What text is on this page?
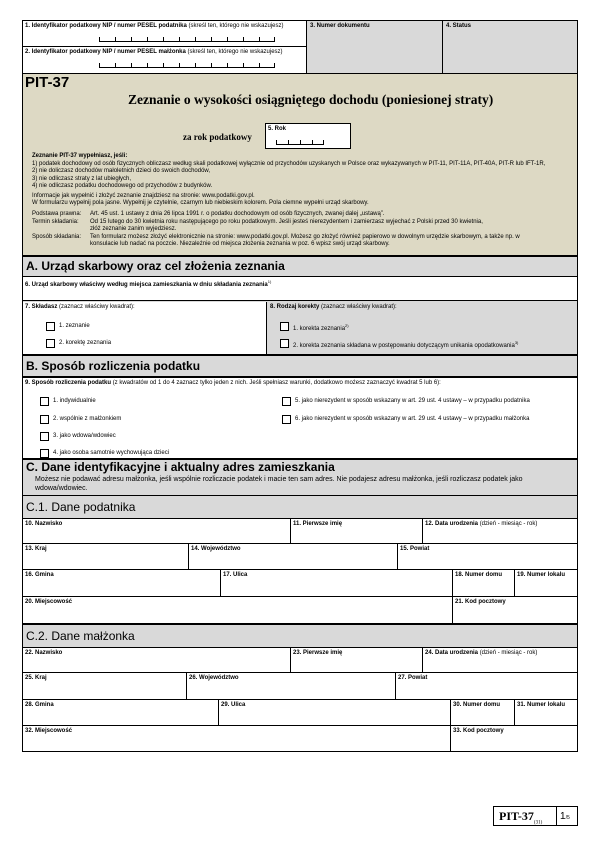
1. Identyfikator podatkowy NIP / numer PESEL podatnika (skreśl ten, którego nie wskazujesz)
2. Identyfikator podatkowy NIP / numer PESEL małżonka (skreśl ten, którego nie wskazujesz)
3. Numer dokumentu	4. Status
PIT-37
Zeznanie o wysokości osiągniętego dochodu (poniesionej straty)
za rok podatkowy
5. Rok
Zeznanie PIT-37 wypełniasz, jeśli:
1) podatek dochodowy od osób fizycznych obliczasz według skali podatkowej wyłącznie od przychodów uzyskanych w Polsce oraz wykazywanych w PIT-11, PIT-11A, PIT-40A, PIT-R lub IFT-1R,
2) nie doliczasz dochodów małoletnich dzieci do swoich dochodów,
3) nie odliczasz straty z lat ubiegłych,
4) nie odliczasz podatku dochodowego od przychodów z budynków.
Informacje jak wypełnić i złożyć zeznanie znajdziesz na stronie: www.podatki.gov.pl.
W formularzu wypełnij pola jasne. Wypełnij je czytelnie, czarnym lub niebieskim kolorem. Pola ciemne wypełni urząd skarbowy.
Podstawa prawna:	Art. 45 ust. 1 ustawy z dnia 26 lipca 1991 r. o podatku dochodowym od osób fizycznych, zwanej dalej „ustawą”.
Termin składania:	Od 15 lutego do 30 kwietnia roku następującego po roku podatkowym. Jeśli jesteś nierezydentem i zamierzasz wyjechać z Polski przed 30 kwietnia, złóż zeznanie zanim wyjedziesz.
Sposób składania:	Ten formularz możesz złożyć elektronicznie na stronie: www.podatki.gov.pl. Możesz go złożyć również papierowo w dowolnym urzędzie skarbowym, a także np. w konsulacie lub nadać na poczcie. Niezależnie od miejsca złożenia zeznania w poz. 6 wpisz swój urząd skarbowy.
A. Urząd skarbowy oraz cel złożenia zeznania
6. Urząd skarbowy właściwy według miejsca zamieszkania w dniu składania zeznania$^{1)}$
7. Składasz (zaznacz właściwy kwadrat):
1. zeznanie
2. korektę zeznania
8. Rodzaj korekty (zaznacz właściwy kwadrat):
1. korekta zeznania$^{2)}$
2. korekta zeznania składana w postępowaniu dotyczącym unikania opodatkowania$^{3)}$
B. Sposób rozliczenia podatku
9. Sposób rozliczenia podatku (z kwadratów od 1 do 4 zaznacz tylko jeden z nich. Jeśli spełniasz warunki, dodatkowo możesz zaznaczyć kwadrat 5 lub 6):
1. indywidualnie
2. wspólnie z małżonkiem
3. jako wdowa/wdowiec
4. jako osoba samotnie wychowująca dzieci
5. jako nierezydent w sposób wskazany w art. 29 ust. 4 ustawy – w przypadku podatnika
6. jako nierezydent w sposób wskazany w art. 29 ust. 4 ustawy – w przypadku małżonka
C. Dane identyfikacyjne i aktualny adres zamieszkania
Możesz nie podawać adresu małżonka, jeśli wspólnie rozliczacie podatek i macie ten sam adres. Nie podajesz adresu małżonka, jeśli rozliczasz podatek jako wdowa/wdowiec.
C.1. Dane podatnika
10. Nazwisko	11. Pierwsze imię	12. Data urodzenia (dzień - miesiąc - rok)
13. Kraj	14. Województwo	15. Powiat
16. Gmina	17. Ulica	18. Numer domu 19. Numer lokalu
20. Miejscowość	21. Kod pocztowy
C.2. Dane małżonka
22. Nazwisko	23. Pierwsze imię	24. Data urodzenia (dzień - miesiąc - rok)
25. Kraj	26. Województwo	27. Powiat
28. Gmina	29. Ulica	30. Numer domu	31. Numer lokalu
32. Miejscowość	33. Kod pocztowy
PIT-$37_{(31)}$
1/5
